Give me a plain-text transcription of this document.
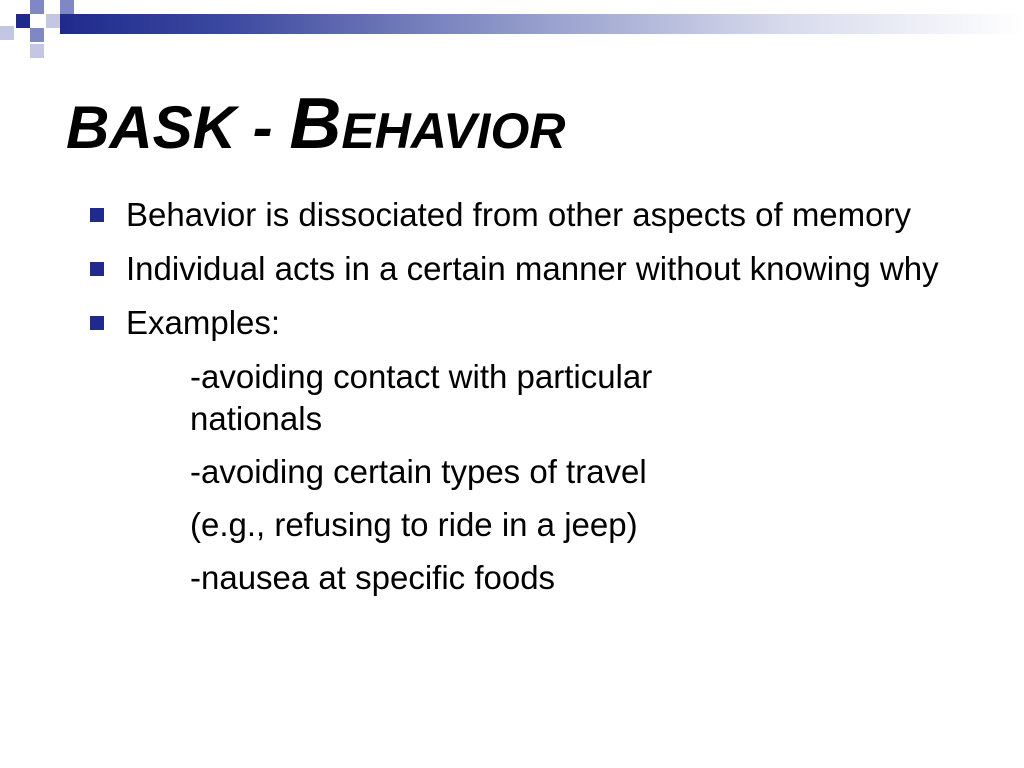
BASK - BEHAVIOR
Behavior is dissociated from other aspects of memory
Individual acts in a certain manner without knowing why
Examples:
-avoiding contact with particular nationals
-avoiding certain types of travel
(e.g., refusing to ride in a jeep)
-nausea at specific foods
